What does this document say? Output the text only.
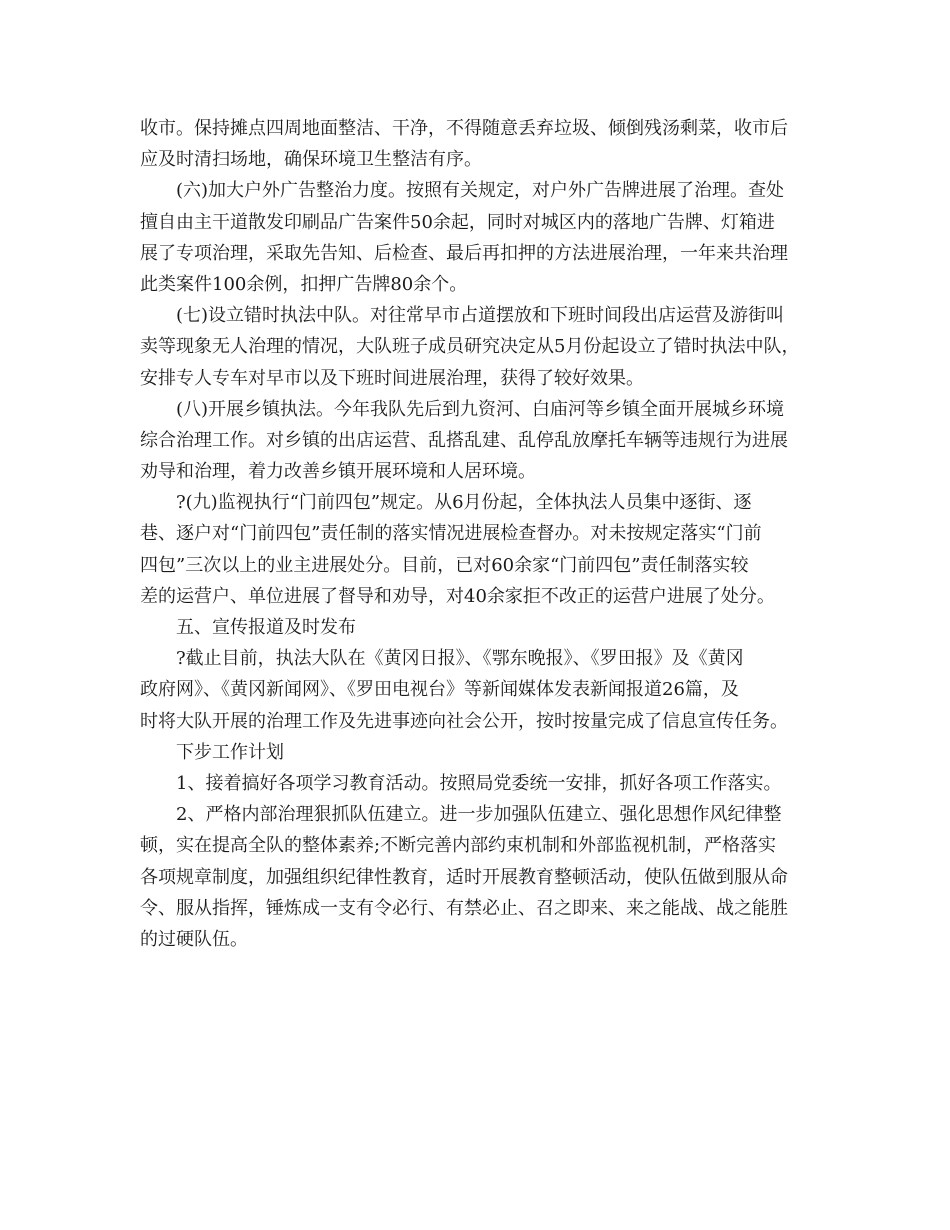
收市。保持摊点四周地面整洁、干净，不得随意丢弃垃圾、倾倒残汤剩菜，收市后
应及时清扫场地，确保环境卫生整洁有序。
(六)加大户外广告整治力度。按照有关规定，对户外广告牌进展了治理。查处
擅自由主干道散发印刷品广告案件50余起，同时对城区内的落地广告牌、灯箱进
展了专项治理，采取先告知、后检查、最后再扣押的方法进展治理，一年来共治理
此类案件100余例，扣押广告牌80余个。
(七)设立错时执法中队。对往常早市占道摆放和下班时间段出店运营及游街叫
卖等现象无人治理的情况，大队班子成员研究决定从5月份起设立了错时执法中队，
安排专人专车对早市以及下班时间进展治理，获得了较好效果。
(八)开展乡镇执法。今年我队先后到九资河、白庙河等乡镇全面开展城乡环境
综合治理工作。对乡镇的出店运营、乱搭乱建、乱停乱放摩托车辆等违规行为进展
劝导和治理，着力改善乡镇开展环境和人居环境。
?(九)监视执行“门前四包”规定。从6月份起，全体执法人员集中逐街、逐
巷、逐户对“门前四包”责任制的落实情况进展检查督办。对未按规定落实“门前
四包”三次以上的业主进展处分。目前，已对60余家“门前四包”责任制落实较
差的运营户、单位进展了督导和劝导，对40余家拒不改正的运营户进展了处分。
五、宣传报道及时发布
?截止目前，执法大队在《黄冈日报》、《鄂东晚报》、《罗田报》及《黄冈
政府网》、《黄冈新闻网》、《罗田电视台》等新闻媒体发表新闻报道26篇，及
时将大队开展的治理工作及先进事迹向社会公开，按时按量完成了信息宣传任务。
下步工作计划
1、接着搞好各项学习教育活动。按照局党委统一安排，抓好各项工作落实。
2、严格内部治理狠抓队伍建立。进一步加强队伍建立、强化思想作风纪律整
顿，实在提高全队的整体素养;不断完善内部约束机制和外部监视机制，严格落实
各项规章制度，加强组织纪律性教育，适时开展教育整顿活动，使队伍做到服从命
令、服从指挥，锤炼成一支有令必行、有禁必止、召之即来、来之能战、战之能胜
的过硬队伍。
